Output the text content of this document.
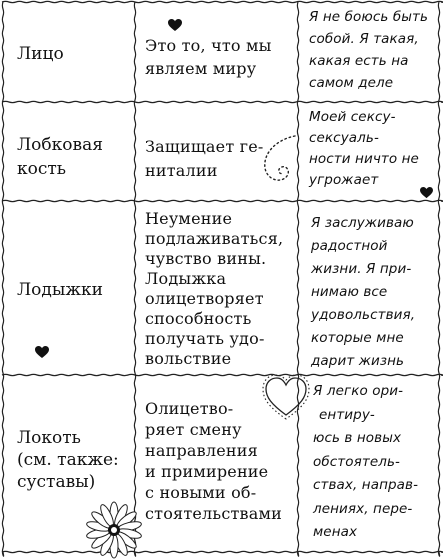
Лицо	Это то, что мы
являем миру
Я не боюсь быть
собой. Я такая,
какая есть на
самом деле
Лобковая
кость
Защищает ге-
ниталии
Моей сексу-
сексуаль-
ности ничто не
угрожает
Лодыжки
Неумение
подлаживаться,
чувство вины.
Лодыжка
олицетворяет
способность
получать удо-
вольствие
Я заслуживаю
радостной
жизни. Я при-
нимаю все
удовольствия,
которые мне
дарит жизнь
Локоть
(см. также:
суставы)
Олицетво-
ряет смену
направления
и примирение
с новыми об-
стоятельствами
Я легко ори-
ентиру-
юсь в новых
обстоятель-
ствах, направ-
лениях, пере-
менах
